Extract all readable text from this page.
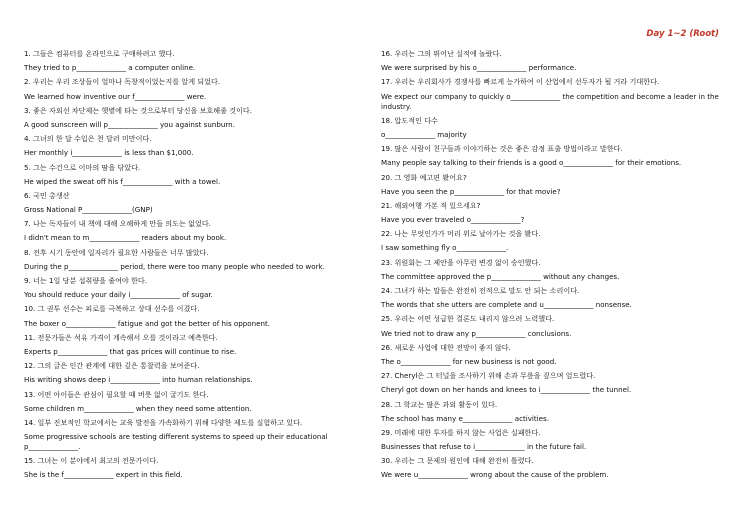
Day 1~2 (Root)

1. 그들은 컴퓨터를 온라인으로 구매하려고 했다.

They tried to p______________ a computer online.

2. 우리는 우리 조상들이 얼마나 독창적이었는지를 알게 되었다.

We learned how inventive our f______________ were.

3. 좋은 자외선 차단제는 햇볕에 타는 것으로부터 당신을 보호해줄 것이다.

A good sunscreen will p______________ you against sunburn.

4. 그녀의 한 달 수입은 천 달러 미만이다.

Her monthly i______________ is less than $1,000.

5. 그는 수건으로 이마의 땀을 닦았다.

He wiped the sweat off his f______________ with a towel.

6. 국민 총생산

Gross National P______________(GNP)

7. 나는 독자들이 내 책에 대해 오해하게 만들 의도는 없었다.

I didn't mean to m______________ readers about my book.

8. 전후 시기 동안에 일자리가 필요한 사람들은 너무 많았다.

During the p______________ period, there were too many people who needed to work.

9. 너는 1일 당분 섭취량을 줄여야 한다.

You should reduce your daily i______________ of sugar.

10. 그 권투 선수는 피로를 극복하고 상대 선수를 이겼다.

The boxer o______________ fatigue and got the better of his opponent.

11. 전문가들은 석유 가격이 계속해서 오를 것이라고 예측한다.

Experts p______________ that gas prices will continue to rise.

12. 그의 글은 인간 관계에 대한 깊은 통찰력을 보여준다.

His writing shows deep i______________ into human relationships.

13. 어떤 아이들은 관심이 필요할 때 버릇 없이 굴기도 한다.

Some children m______________ when they need some attention.

14. 일부 진보적인 학교에서는 교육 발전을 가속화하기 위해 다양한 제도를 실험하고 있다.

Some progressive schools are testing different systems to speed up their educational p______________.

15. 그녀는 이 분야에서 최고의 전문가이다.

She is the f______________ expert in this field.

16. 우리는 그의 뛰어난 실적에 놀랐다.

We were surprised by his o______________ performance.

17. 우리는 우리회사가 경쟁사를 빠르게 능가하여 이 산업에서 선두자가 될 거라 기대한다.

We expect our company to quickly o______________ the competition and become a leader in the industry.

18. 압도적인 다수

o______________ majority

19. 많은 사람이 친구들과 이야기하는 것은 좋은 감정 표출 방법이라고 말한다.

Many people say talking to their friends is a good o______________ for their emotions.

20. 그 영화 예고편 봤어요?

Have you seen the p______________ for that movie?

21. 해외여행 가본 적 있으세요?

Have you ever traveled o______________?

22. 나는 무엇인가가 머리 위로 날아가는 것을 봤다.

I saw something fly o______________.

23. 위원회는 그 제안을 아무런 변경 없이 승인했다.

The committee approved the p______________ without any changes.

24. 그녀가 하는 말들은 완전히 전적으로 말도 안 되는 소리이다.

The words that she utters are complete and u______________ nonsense.

25. 우리는 어떤 성급한 결론도 내리지 않으려 노력했다.

We tried not to draw any p______________ conclusions.

26. 새로운 사업에 대한 전망이 좋지 않다.

The o______________ for new business is not good.

27. Cheryl은 그 터널을 조사하기 위해 손과 무릎을 짚으며 엎드렸다.

Cheryl got down on her hands and knees to i______________ the tunnel.

28. 그 학교는 많은 과외 활동이 있다.

The school has many e______________ activities.

29. 미래에 대한 투자를 하지 않는 사업은 실패한다.

Businesses that refuse to i______________ in the future fail.

30. 우리는 그 문제의 원인에 대해 완전히 틀렸다.

We were u______________ wrong about the cause of the problem.
